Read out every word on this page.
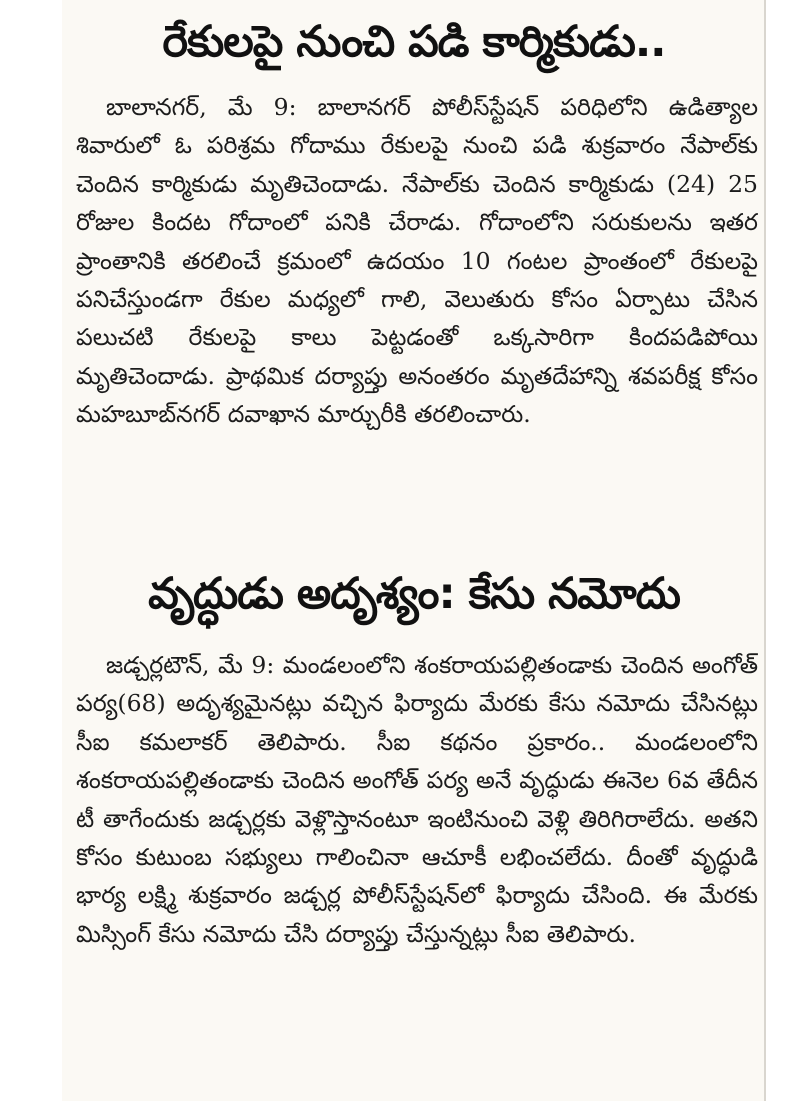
రేకులపై నుంచి పడి కార్మికుడు..

బాలానగర్, మే 9: బాలానగర్ పోలీస్‌స్టేషన్ పరిధిలోని ఉడిత్యాల శివారులో ఓ పరిశ్రమ గోదాము రేకులపై నుంచి పడి శుక్రవారం నేపాల్‌కు చెందిన కార్మికుడు మృతిచెందాడు. నేపాల్‌కు చెందిన కార్మికుడు (24) 25 రోజుల కిందట గోదాంలో పనికి చేరాడు. గోదాంలోని సరుకులను ఇతర ప్రాంతానికి తరలించే క్రమంలో ఉదయం 10 గంటల ప్రాంతంలో రేకులపై పనిచేస్తుండగా రేకుల మధ్యలో గాలి, వెలుతురు కోసం ఏర్పాటు చేసిన పలుచటి రేకులపై కాలు పెట్టడంతో ఒక్కసారిగా కిందపడిపోయి మృతిచెందాడు. ప్రాథమిక దర్యాప్తు అనంతరం మృతదేహాన్ని శవపరీక్ష కోసం మహబూబ్‌నగర్ దవాఖాన మార్చురీకి తరలించారు.

వృద్ధుడు అదృశ్యం: కేసు నమోదు

జడ్చర్లటౌన్, మే 9: మండలంలోని శంకరాయపల్లితండాకు చెందిన అంగోత్ పర్య(68) అదృశ్యమైనట్లు వచ్చిన ఫిర్యాదు మేరకు కేసు నమోదు చేసినట్లు సీఐ కమలాకర్ తెలిపారు. సీఐ కథనం ప్రకారం.. మండలంలోని శంకరాయపల్లితండాకు చెందిన అంగోత్ పర్య అనే వృద్ధుడు ఈనెల 6వ తేదీన టీ తాగేందుకు జడ్చర్లకు వెళ్లొస్తానంటూ ఇంటినుంచి వెళ్లి తిరిగిరాలేదు. అతని కోసం కుటుంబ సభ్యులు గాలించినా ఆచూకీ లభించలేదు. దీంతో వృద్ధుడి భార్య లక్ష్మి శుక్రవారం జడ్చర్ల పోలీస్‌స్టేషన్‌లో ఫిర్యాదు చేసింది. ఈ మేరకు మిస్సింగ్ కేసు నమోదు చేసి దర్యాప్తు చేస్తున్నట్లు సీఐ తెలిపారు.
